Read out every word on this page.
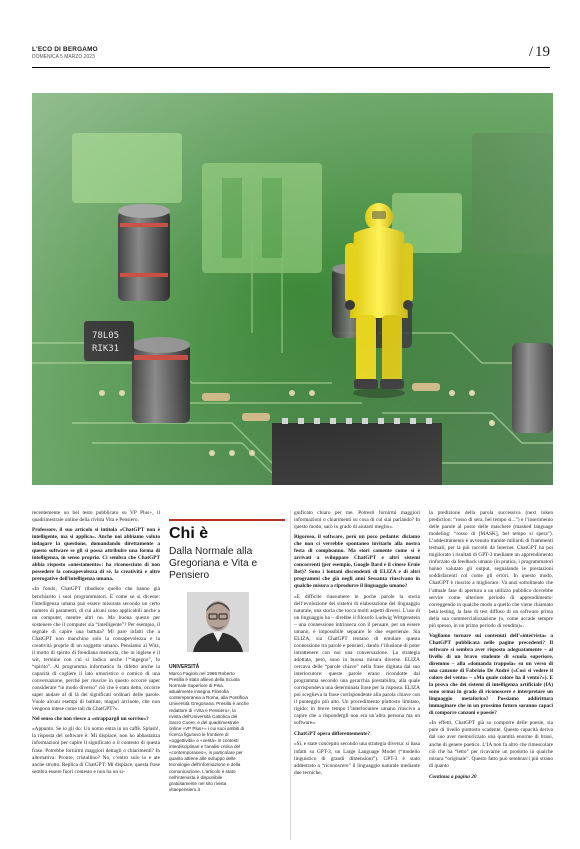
L'ECO DI BERGAMO
DOMENICA 5 MARZO 2023	/ 19

recentemente un bel testo pubblicato su VP Plus+, il quadrimestrale online della rivista Vita e Pensiero.

Professore, il suo articolo si intitola «ChatGPT non è intelligente, ma si applica». Anche noi abbiamo voluto indagare la questione, domandando direttamente a questo software se gli si possa attribuire una forma di intelligenza, in senso proprio. Ci sembra che ChatGPT abbia risposto «onestamente»: ha riconosciuto di non possedere la consapevolezza di sé, la creatività e altre prerogative dell'intelligenza umana.

«In fondo, ChatGPT ribadisce quello che hanno già benchiarito i suoi programmatori. E come se si dicesse: l'intelligenza umana può essere misurata secondo un certo numero di parametri, di cui alcuni sono applicabili anche a un computer, mentre altri no. Ma buona questo per sostenere che il computer sia “intelligente”? Per esempio, il segnale di capire una battuta? Mi pare infatti che a ChatGPT non manchino solo la consapevolezza e la creatività proprie di un soggetto umano. Pensiamo al Witz, il motto di spirito di freudiana memoria, che in inglese è il wit, termine con cui si indica anche l’“ingegno”, lo “spirito”. Al programma informatico fa difetto anche la capacità di cogliere il lato umoristico o comico di una conversazione, perché per riuscire in questo occorre saper considerare “in modo diverso” ciò che è stato detto, occorre saper andare al di là dei significati ordinari delle parole. Vuole alcuni esempi di battute, magari arcinote, che non vengono intese come tali da ChatGPT?».

Nel senso che non riesce a «strappargli un sorriso»?

«Appunto. Se io gli do: Un uomo entra in un caffè. Splash!, la risposta del software è: Mi dispiace, non ho abbastanza informazioni per capire il significato o il contesto di questa frase. Potrebbe fornirmi maggiori dettagli o chiarimenti? In alternativa: Pronto, cristallino? No, c’entro solo lo e ate anche strutto. Replica di ChatGPT: Mi dispiace, questa frase sembra essere fuori contesto e non ha un si-

Chi è
Dalla Normale alla Gregoriana e Vita e Pensiero
UNIVERSITÀ
Marco Fagiolo nel 1966 Roberto Presilla è stato allievo della Scuola Normale Superiore di Pisa. attualmente insegna Filosofia contemporanea a Roma, alla Pontificia Università Gregoriana. Presilla è anche redattore di «Vita e Pensiero», la rivista dell'Università Cattolica del Sacro Cuore, e del quadrimestrale online «VP Plus+» i cui suoi ambiti di ricerca figurano le frontiere di «oggettività» e «verità» in contesti interdisciplinari e l'analisi critica del «contemporaneo», in particolare per quanto attiene alle sviluppo delle tecnologie dell'informazione e della comunicazione. L'articolo è stato nell'intervista è disponibile gratuitamente nel sito rivista vitaepensiero.it

gnificato chiaro per me. Potresti fornirmi maggiori informazioni o chiarimenti su cosa di cui stai parlando? In questo modo, sarò in grado di aiutarti meglio».

Rigoroso, il software, però un poco pedante: diciamo che non ci verrebbe spontaneo invitarlo alla nostra festa di compleanno. Ma stori camente come si è arrivati a sviluppare ChatGPT e altri sistemi concorrenti (per esempio, Google Bard e il cinese Ernie Bot)? Sono i lontani discendenti di ELIZA e di altri programmi che già negli anni Sessanta riuscivano in qualche misura a riprodurre il linguaggio umano?

«E difficile riassumere in poche parole la storia dell’evoluzione dei sistemi di elaborazione del linguaggio naturale, una storia che tocca molti aspetti diversi. L’uso di un linguaggio ha – direbbe il filosofo Ludwig Wittgenstein – una connessione intrinseca con il pensare, per un essere umano, è impossibile separare le due esperienze. Sia ELIZA, sia ChatGPT tentano di emulare questa connessione tra parole e pensieri, dando l’illusione di poter intrattenere con noi una conversazione. La strategia adottata, però, sono in buona misura diverse. ELIZA cercava delle “parole chiave” nella frase digitata dal suo interlocutore: queste parole erano ricondotte dal programma secondo una gerarchia prestabilita, alla quale corrispondeva una determinata frase per la risposta. ELIZA poi sceglieva la frase corrispondente alla parola chiave con il punteggio più alto. Un procedimento piuttosto limitato, rigido: in breve tempo l’interlocutore umano riusciva a capire che a rispondergli non era un’altra persona ma un software».

ChatGPT opera differentemente?

«Sì, e state concepito secondo una strategia diversa: si basa infatti su GPT-3, un Large Language Model (“modello linguistico di grandi dimensioni”). GPT-3 è stato addestrato a “riconoscere” il linguaggio naturale mediante due tecniche,

la predizione della parola successiva (next token prediction: “rosso di sera, bel tempo si...”) e l’inserimento delle parole al posto delle maschere (masked language modeling: “rosso di [MASK], bel tempo si spera”). L’addestramento è avvenuto tramite miliardi di frammenti testuali, per la più raccolti da Internet. ChatGPT ha poi migliorato i risultati di GPT-3 mediante un apprendimento rinforzato da feedback umano (in pratica, i programmatori hanno valutato gli output, segnalando le prestazioni soddisfacenti col come gli errori. In questo modo, ChatGPT è riuscito a migliorare. Va anzi sottolineato che l’attuale fase di apertura a un utilizzo pubblico dovrebbe servire come ulteriore periodo di apprendimento: correggendo in qualche modo a quello che viene chiamato beta testing, la fase di test diffuso di un software prima della sua commercializzazione (o, come accade sempre più spesso, in un primo periodo di vendita)».

Vogliamo tornare sui contenuti dell’«intervista» a ChatGPT pubblicata nelle pagine precedenti? Il software si sembra aver risposto adeguatamente – al livello di un bravo studente di scuola superiore, diremmo – alla «domanda trappola» su un verso di una canzone di Fabrizio De André («Così si vedere il colore del vento» – «Ma quale colore ha il vento?»). E la prova che dei sistemi di intelligenza artificiale (IA) sono ormai in grado di riconoscere e interpretare un linguaggio metaforico? Possiamo addirittura immaginare che in un prossimo futuro saranno capaci di comporre canzoni e poesie?

«In effetti, ChatGPT già so comporre delle poesie, sia pure di livello piuttosto scadente. Questo capacità deriva dal suo aver memorizzato una quantità enorme di brani, anche di genere poetico. L’IA non fa altro che rimescolare ciò che ha “letto” per ricavarne un prodotto in qualche misura “originale”. Questo fatto può sembrarci più strano di quanto

Continua a pagina 20
